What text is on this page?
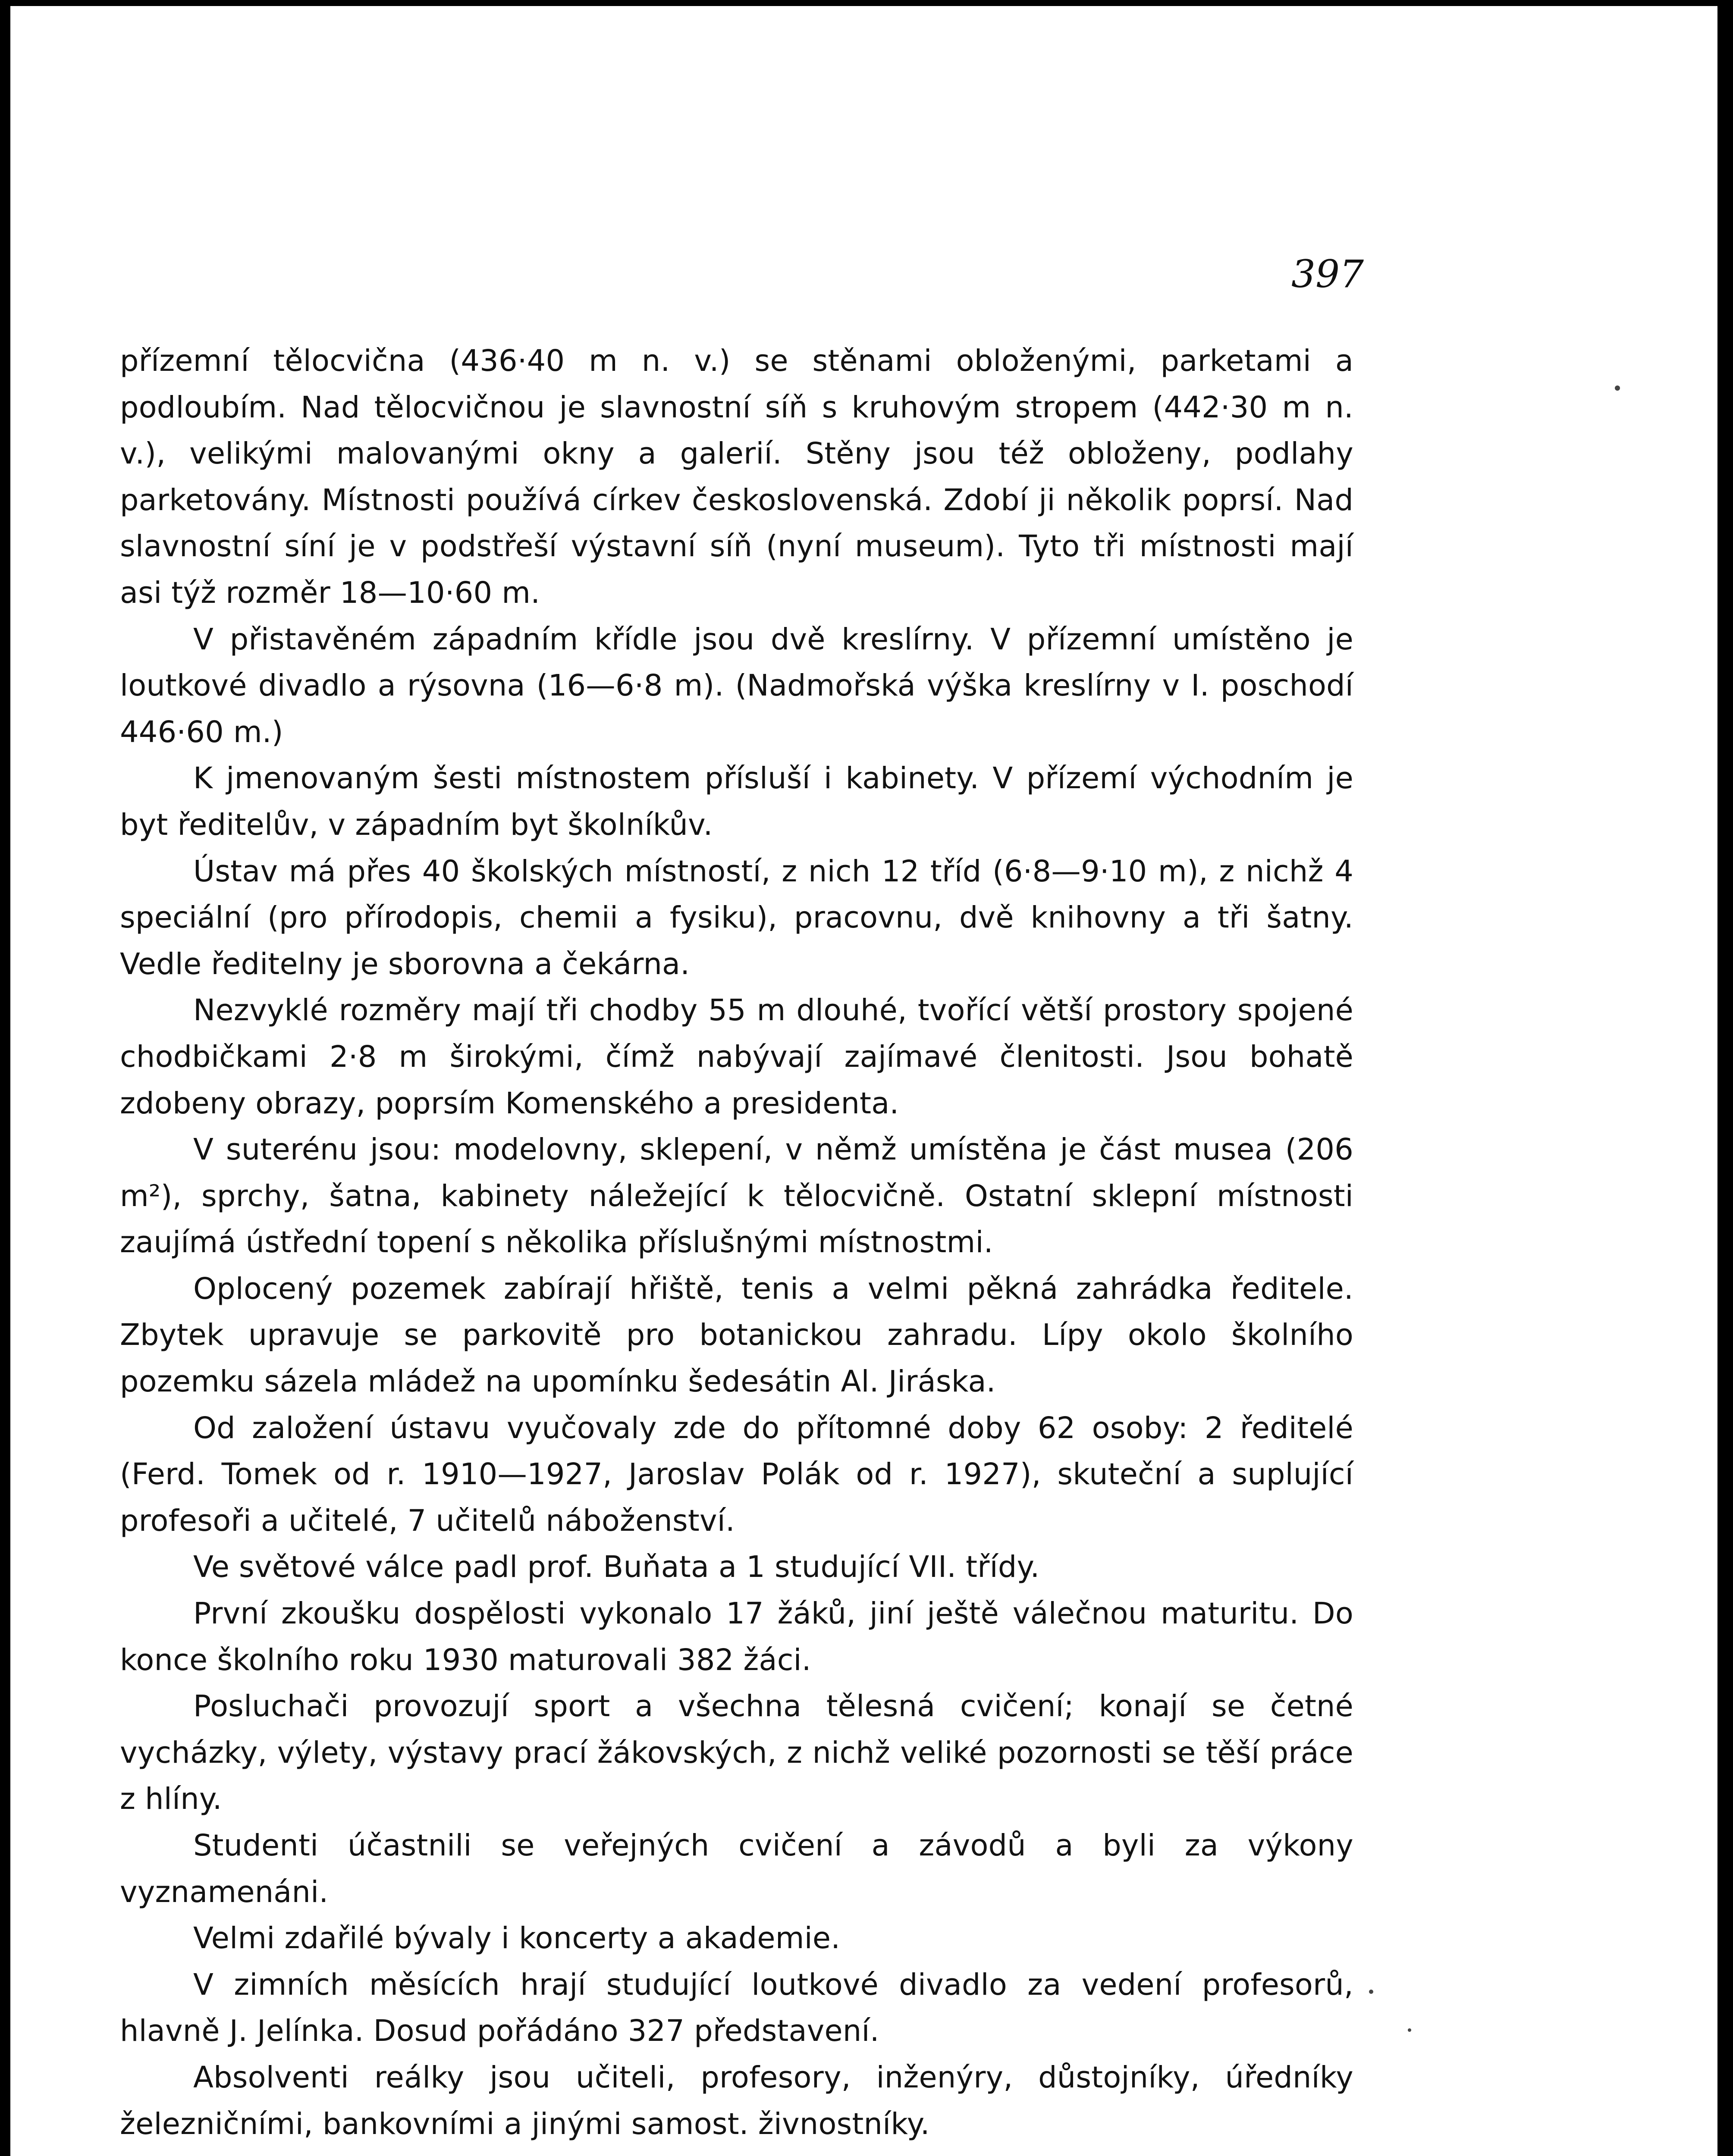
397

přízemní tělocvična (436·40 m n. v.) se stěnami obloženými, parketami a podloubím. Nad tělocvičnou je slavnostní síň s kruhovým stropem (442·30 m n. v.), velikými malovanými okny a galerií. Stěny jsou též obloženy, podlahy parketovány. Místnosti používá církev československá. Zdobí ji několik poprsí. Nad slavnostní síní je v podstřeší výstavní síň (nyní museum). Tyto tři místnosti mají asi týž rozměr 18—10·60 m.

V přistavěném západním křídle jsou dvě kreslírny. V přízemní umístěno je loutkové divadlo a rýsovna (16—6·8 m). (Nadmořská výška kreslírny v I. poschodí 446·60 m.)

K jmenovaným šesti místnostem přísluší i kabinety. V přízemí východním je byt ředitelův, v západním byt školníkův.

Ústav má přes 40 školských místností, z nich 12 tříd (6·8—9·10 m), z nichž 4 speciální (pro přírodopis, chemii a fysiku), pracovnu, dvě knihovny a tři šatny. Vedle ředitelny je sborovna a čekárna.

Nezvyklé rozměry mají tři chodby 55 m dlouhé, tvořící větší prostory spojené chodbičkami 2·8 m širokými, čímž nabývají zajímavé členitosti. Jsou bohatě zdobeny obrazy, poprsím Komenského a presidenta.

V suterénu jsou: modelovny, sklepení, v němž umístěna je část musea (206 m²), sprchy, šatna, kabinety náležející k tělocvičně. Ostatní sklepní místnosti zaujímá ústřední topení s několika příslušnými místnostmi.

Oplocený pozemek zabírají hřiště, tenis a velmi pěkná zahrádka ředitele. Zbytek upravuje se parkovitě pro botanickou zahradu. Lípy okolo školního pozemku sázela mládež na upomínku šedesátin Al. Jiráska.

Od založení ústavu vyučovaly zde do přítomné doby 62 osoby: 2 ředitelé (Ferd. Tomek od r. 1910—1927, Jaroslav Polák od r. 1927), skuteční a suplující profesoři a učitelé, 7 učitelů náboženství.

Ve světové válce padl prof. Buňata a 1 studující VII. třídy.

První zkoušku dospělosti vykonalo 17 žáků, jiní ještě válečnou maturitu. Do konce školního roku 1930 maturovali 382 žáci.

Posluchači provozují sport a všechna tělesná cvičení; konají se četné vycházky, výlety, výstavy prací žákovských, z nichž veliké pozornosti se těší práce z hlíny.

Studenti účastnili se veřejných cvičení a závodů a byli za výkony vyznamenáni.

Velmi zdařilé bývaly i koncerty a akademie.

V zimních měsících hrají studující loutkové divadlo za vedení profesorů, hlavně J. Jelínka. Dosud pořádáno 327 představení.

Absolventi reálky jsou učiteli, profesory, inženýry, důstojníky, úředníky železničními, bankovními a jinými samost. živnostníky.
